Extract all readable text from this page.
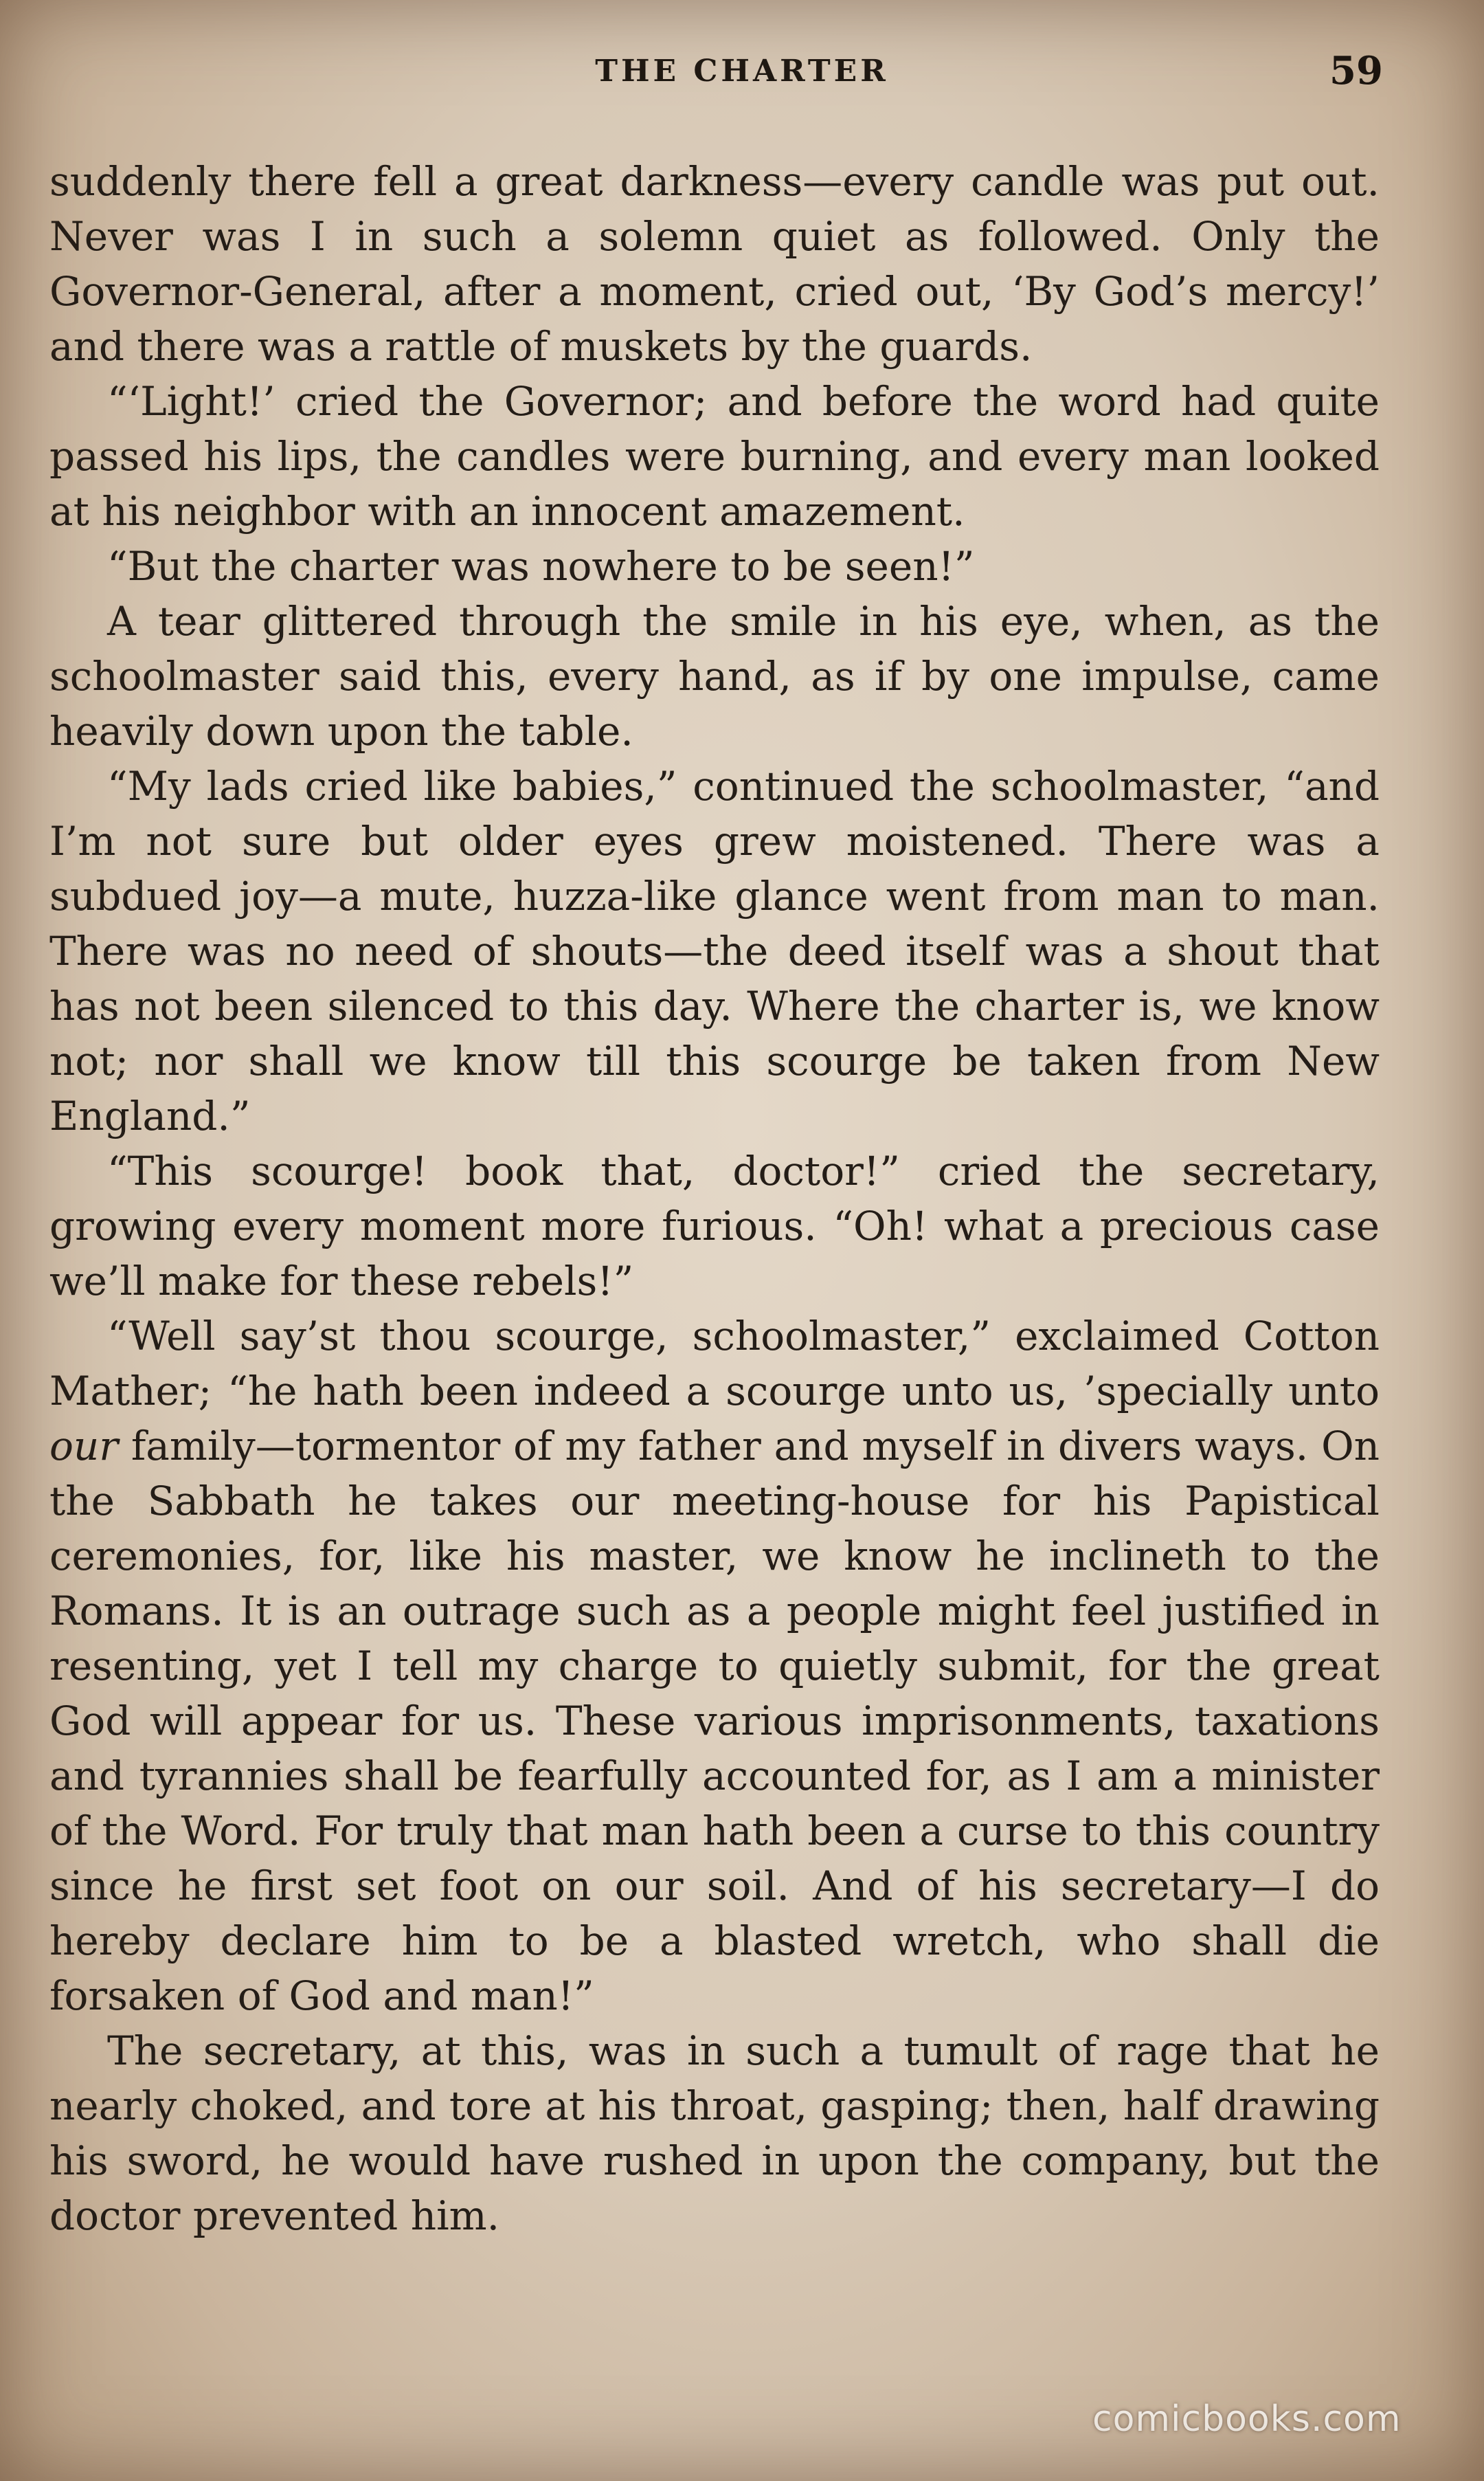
THE CHARTER	59

suddenly there fell a great darkness—every candle was put out. Never was I in such a solemn quiet as followed. Only the Governor-General, after a moment, cried out, ‘By God’s mercy!’ and there was a rattle of muskets by the guards.

“‘Light!’ cried the Governor; and before the word had quite passed his lips, the candles were burning, and every man looked at his neighbor with an innocent amazement.

“But the charter was nowhere to be seen!”

A tear glittered through the smile in his eye, when, as the schoolmaster said this, every hand, as if by one impulse, came heavily down upon the table.

“My lads cried like babies,” continued the schoolmaster, “and I’m not sure but older eyes grew moistened. There was a subdued joy—a mute, huzza-like glance went from man to man. There was no need of shouts—the deed itself was a shout that has not been silenced to this day. Where the charter is, we know not; nor shall we know till this scourge be taken from New England.”

“This scourge! book that, doctor!” cried the secretary, growing every moment more furious. “Oh! what a precious case we’ll make for these rebels!”

“Well say’st thou scourge, schoolmaster,” exclaimed Cotton Mather; “he hath been indeed a scourge unto us, ’specially unto our family—tormentor of my father and myself in divers ways. On the Sabbath he takes our meeting-house for his Papistical ceremonies, for, like his master, we know he inclineth to the Romans. It is an outrage such as a people might feel justified in resenting, yet I tell my charge to quietly submit, for the great God will appear for us. These various imprisonments, taxations and tyrannies shall be fearfully accounted for, as I am a minister of the Word. For truly that man hath been a curse to this country since he first set foot on our soil. And of his secretary—I do hereby declare him to be a blasted wretch, who shall die forsaken of God and man!”

The secretary, at this, was in such a tumult of rage that he nearly choked, and tore at his throat, gasping; then, half drawing his sword, he would have rushed in upon the company, but the doctor prevented him.

comicbooks.com
